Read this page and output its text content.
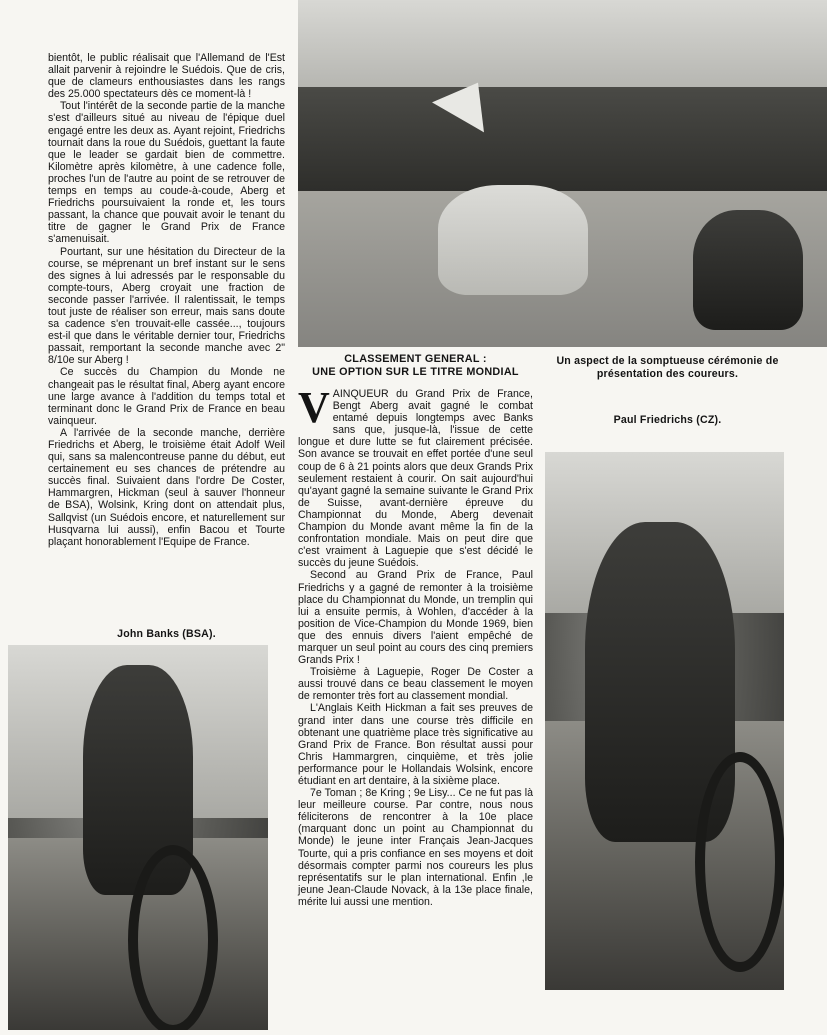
bientôt, le public réalisait que l'Allemand de l'Est allait parvenir à rejoindre le Suédois. Que de cris, que de clameurs enthousiastes dans les rangs des 25.000 spectateurs dès ce moment-là !

Tout l'intérêt de la seconde partie de la manche s'est d'ailleurs situé au niveau de l'épique duel engagé entre les deux as. Ayant rejoint, Friedrichs tournait dans la roue du Suédois, guettant la faute que le leader se gardait bien de commettre. Kilomètre après kilomètre, à une cadence folle, proches l'un de l'autre au point de se retrouver de temps en temps au coude-à-coude, Aberg et Friedrichs poursuivaient la ronde et, les tours passant, la chance que pouvait avoir le tenant du titre de gagner le Grand Prix de France s'amenuisait.

Pourtant, sur une hésitation du Directeur de la course, se méprenant un bref instant sur le sens des signes à lui adressés par le responsable du compte-tours, Aberg croyait une fraction de seconde passer l'arrivée. Il ralentissait, le temps tout juste de réaliser son erreur, mais sans doute sa cadence s'en trouvait-elle cassée..., toujours est-il que dans le véritable dernier tour, Friedrichs passait, remportant la seconde manche avec 2" 8/10e sur Aberg !

Ce succès du Champion du Monde ne changeait pas le résultat final, Aberg ayant encore une large avance à l'addition du temps total et terminant donc le Grand Prix de France en beau vainqueur.

A l'arrivée de la seconde manche, derrière Friedrichs et Aberg, le troisième était Adolf Weil qui, sans sa malencontreuse panne du début, eut certainement eu ses chances de prétendre au succès final. Suivaient dans l'ordre De Coster, Hammargren, Hickman (seul à sauver l'honneur de BSA), Wolsink, Kring dont on attendait plus, Sallqvist (un Suédois encore, et naturellement sur Husqvarna lui aussi), enfin Bacou et Tourte plaçant honorablement l'Equipe de France.

John Banks (BSA).
Un aspect de la somptueuse cérémonie de présentation des coureurs.
Paul Friedrichs (CZ).
CLASSEMENT GENERAL :
UNE OPTION SUR LE TITRE MONDIAL

VAINQUEUR du Grand Prix de France, Bengt Aberg avait gagné le combat entamé depuis longtemps avec Banks sans que, jusque-là, l'issue de cette longue et dure lutte se fut clairement précisée. Son avance se trouvait en effet portée d'une seul coup de 6 à 21 points alors que deux Grands Prix seulement restaient à courir. On sait aujourd'hui qu'ayant gagné la semaine suivante le Grand Prix de Suisse, avant-dernière épreuve du Championnat du Monde, Aberg devenait Champion du Monde avant même la fin de la confrontation mondiale. Mais on peut dire que c'est vraiment à Laguepie que s'est décidé le succès du jeune Suédois.

Second au Grand Prix de France, Paul Friedrichs y a gagné de remonter à la troisième place du Championnat du Monde, un tremplin qui lui a ensuite permis, à Wohlen, d'accéder à la position de Vice-Champion du Monde 1969, bien que des ennuis divers l'aient empêché de marquer un seul point au cours des cinq premiers Grands Prix !

Troisième à Laguepie, Roger De Coster a aussi trouvé dans ce beau classement le moyen de remonter très fort au classement mondial.

L'Anglais Keith Hickman a fait ses preuves de grand inter dans une course très difficile en obtenant une quatrième place très significative au Grand Prix de France. Bon résultat aussi pour Chris Hammargren, cinquième, et très jolie performance pour le Hollandais Wolsink, encore étudiant en art dentaire, à la sixième place.

7e Toman ; 8e Kring ; 9e Lisy... Ce ne fut pas là leur meilleure course. Par contre, nous nous féliciterons de rencontrer à la 10e place (marquant donc un point au Championnat du Monde) le jeune inter Français Jean-Jacques Tourte, qui a pris confiance en ses moyens et doit désormais compter parmi nos coureurs les plus représentatifs sur le plan international. Enfin ,le jeune Jean-Claude Novack, à la 13e place finale, mérite lui aussi une mention.
